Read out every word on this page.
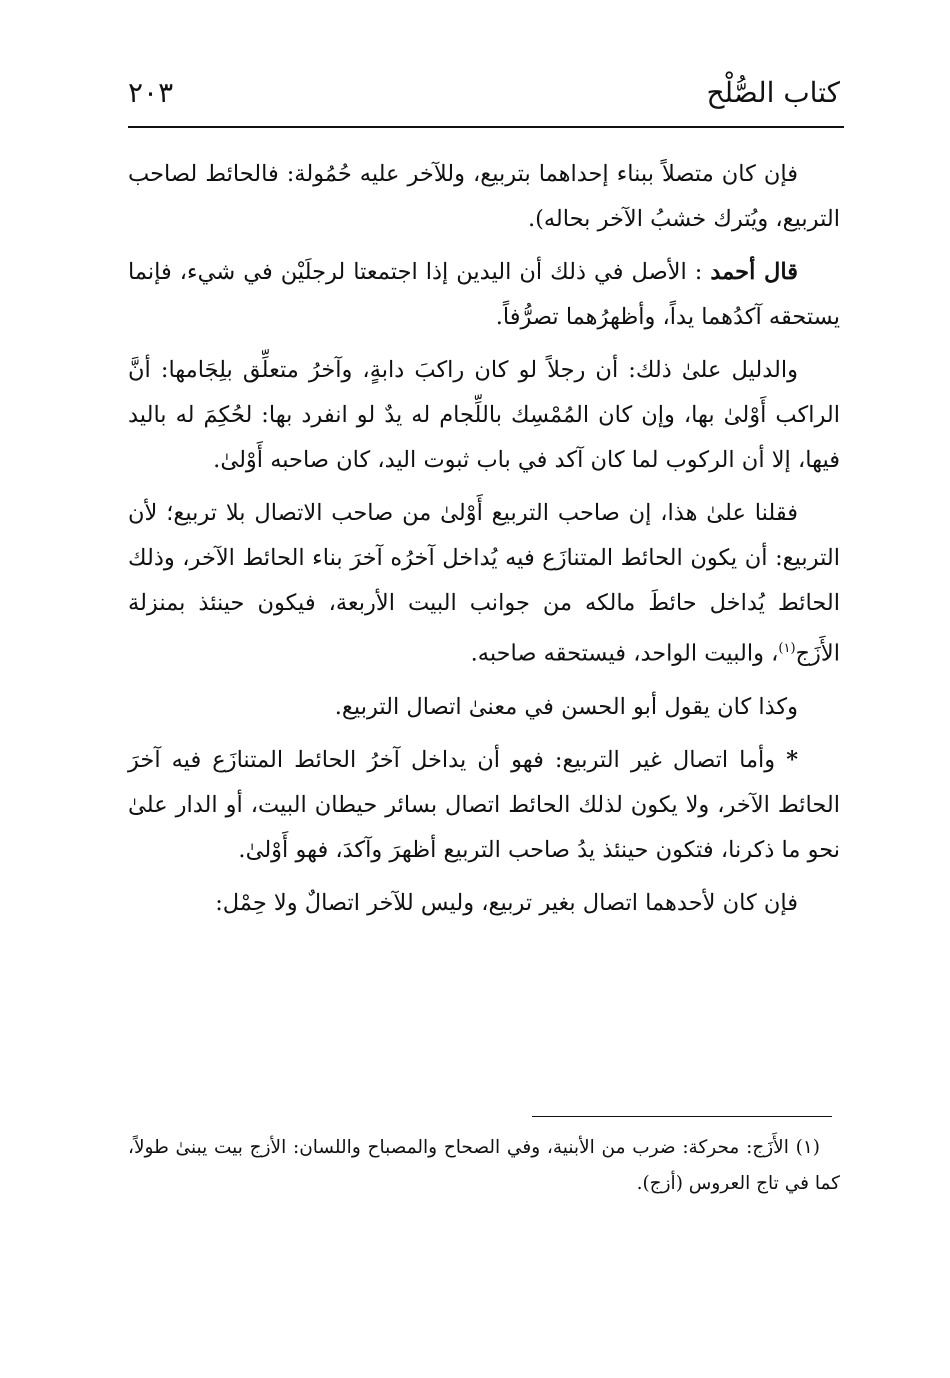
كتاب الصُّلْح
٢٠٣

فإن كان متصلاً ببناء إحداهما بتربيع، وللآخر عليه حُمُولة: فالحائط لصاحب التربيع، ويُترك خشبُ الآخر بحاله).

قال أحمد : الأصل في ذلك أن اليدين إذا اجتمعتا لرجلَيْن في شيء، فإنما يستحقه آكدُهما يداً، وأظهرُهما تصرُّفاً.

والدليل علىٰ ذلك: أن رجلاً لو كان راكبَ دابةٍ، وآخرُ متعلِّق بلِجَامها: أنَّ الراكب أَوْلىٰ بها، وإن كان المُمْسِك باللِّجام له يدٌ لو انفرد بها: لحُكِمَ له باليد فيها، إلا أن الركوب لما كان آكد في باب ثبوت اليد، كان صاحبه أَوْلىٰ.

فقلنا علىٰ هذا، إن صاحب التربيع أَوْلىٰ من صاحب الاتصال بلا تربيع؛ لأن التربيع: أن يكون الحائط المتنازَع فيه يُداخل آخرُه آخرَ بناء الحائط الآخر، وذلك الحائط يُداخل حائطَ مالكه من جوانب البيت الأربعة، فيكون حينئذ بمنزلة الأَزَج$^{(١)}$، والبيت الواحد، فيستحقه صاحبه.

وكذا كان يقول أبو الحسن في معنىٰ اتصال التربيع.

* وأما اتصال غير التربيع: فهو أن يداخل آخرُ الحائط المتنازَع فيه آخرَ الحائط الآخر، ولا يكون لذلك الحائط اتصال بسائر حيطان البيت، أو الدار علىٰ نحو ما ذكرنا، فتكون حينئذ يدُ صاحب التربيع أظهرَ وآكدَ، فهو أَوْلىٰ.

فإن كان لأحدهما اتصال بغير تربيع، وليس للآخر اتصالٌ ولا حِمْل:

(١) الأَزَج: محركة: ضرب من الأبنية، وفي الصحاح والمصباح واللسان: الأزج بيت يبنىٰ طولاً، كما في تاج العروس (أزج).
